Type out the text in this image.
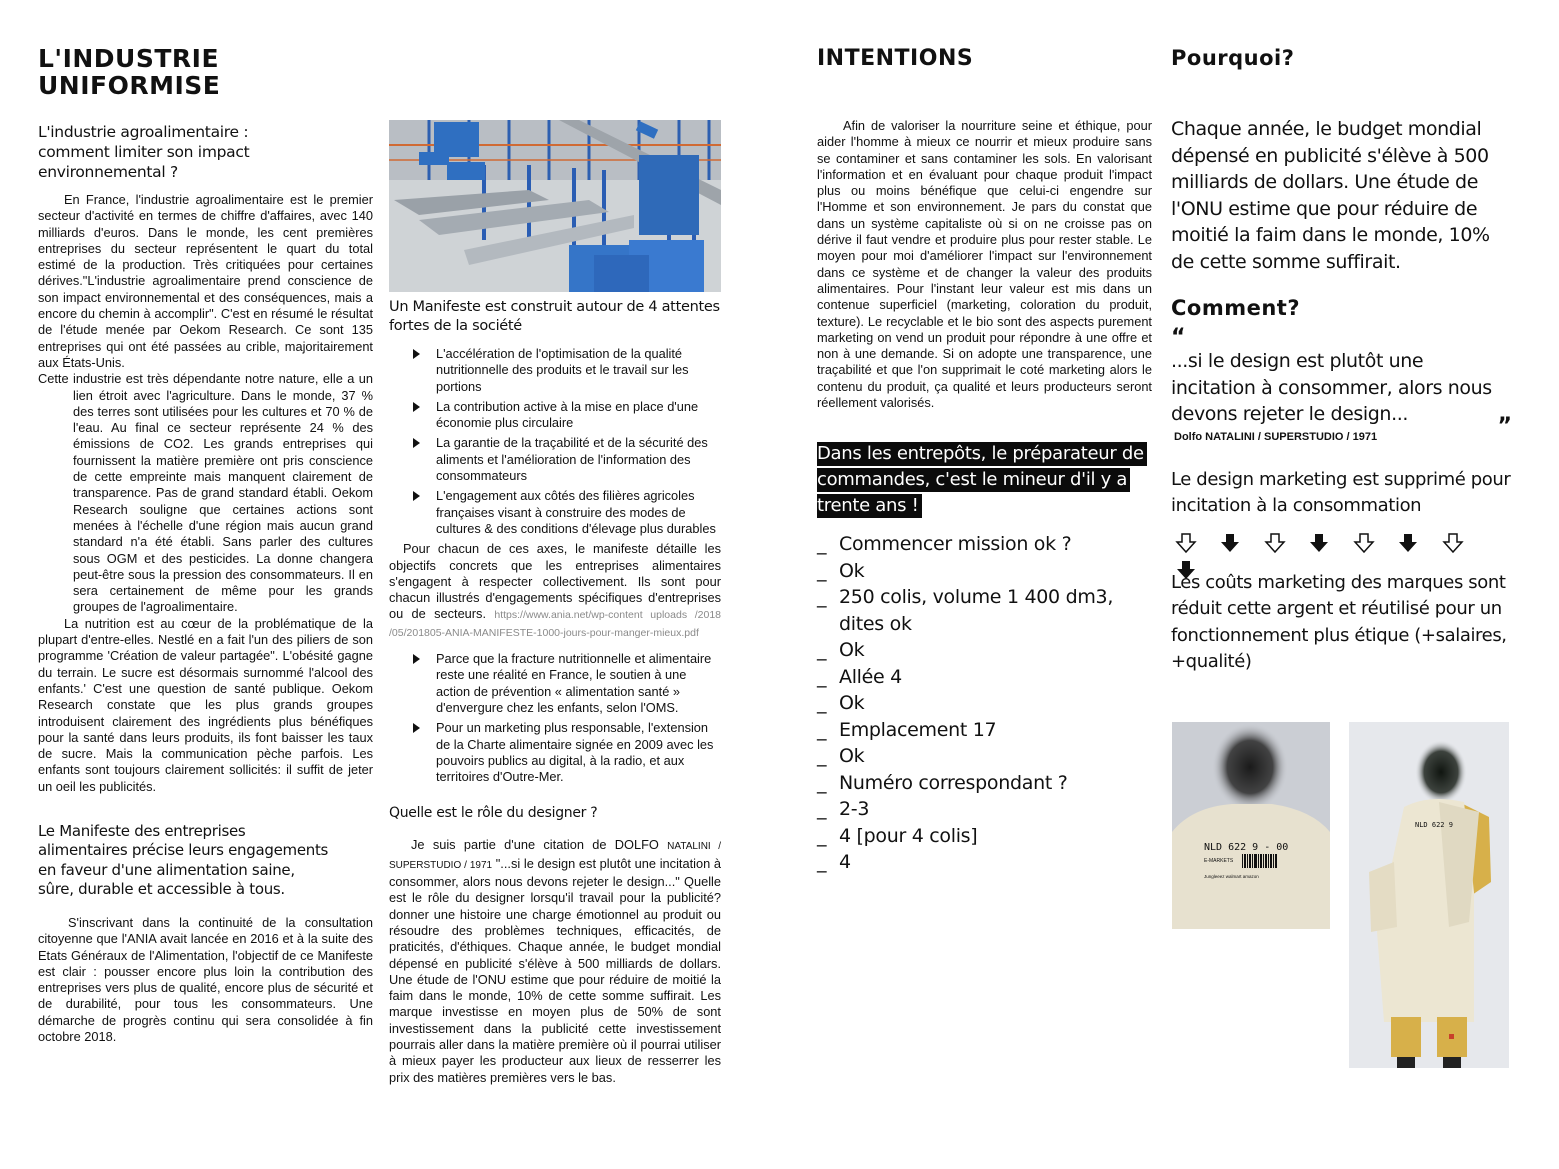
L'INDUSTRIE
UNIFORMISE
L'industrie agroalimentaire :
comment limiter son impact environnemental ?

En France, l'industrie agroalimentaire est le premier secteur d'activité en termes de chiffre d'affaires, avec 140 milliards d'euros. Dans le monde, les cent premières entreprises du secteur représentent le quart du total estimé de la production. Très critiquées pour certaines dérives."L'industrie agroalimentaire prend conscience de son impact environnemental et des conséquences, mais a encore du chemin à accomplir". C'est en résumé le résultat de l'étude menée par Oekom Research. Ce sont 135 entreprises qui ont été passées au crible, majoritairement aux États-Unis.

Cette industrie est très dépendante notre nature, elle a un lien étroit avec l'agriculture. Dans le monde, 37 % des terres sont utilisées pour les cultures et 70 % de l'eau. Au final ce secteur représente 24 % des émissions de CO2. Les grands entreprises qui fournissent la matière première ont pris conscience de cette empreinte mais manquent clairement de transparence. Pas de grand standard établi. Oekom Research souligne que certaines actions sont menées à l'échelle d'une région mais aucun grand standard n'a été établi. Sans parler des cultures sous OGM et des pesticides. La donne changera peut-être sous la pression des consommateurs. Il en sera certainement de même pour les grands groupes de l'agroalimentaire.

La nutrition est au cœur de la problématique de la plupart d'entre-elles. Nestlé en a fait l'un des piliers de son programme 'Création de valeur partagée". L'obésité gagne du terrain. Le sucre est désormais surnommé l'alcool des enfants.' C'est une question de santé publique. Oekom Research constate que les plus grands groupes introduisent clairement des ingrédients plus bénéfiques pour la santé dans leurs produits, ils font baisser les taux de sucre. Mais la communication pèche parfois. Les enfants sont toujours clairement sollicités: il suffit de jeter un oeil les publicités.

Le Manifeste des entreprises
alimentaires précise leurs engagements
en faveur d'une alimentation saine,
sûre, durable et accessible à tous.

S'inscrivant dans la continuité de la consultation citoyenne que l'ANIA avait lancée en 2016 et à la suite des Etats Généraux de l'Alimentation, l'objectif de ce Manifeste est clair : pousser encore plus loin la contribution des entreprises vers plus de qualité, encore plus de sécurité et de durabilité, pour tous les consommateurs. Une démarche de progrès continu qui sera consolidée à fin octobre 2018.

Un Manifeste est construit autour de 4 attentes
fortes de la société
L'accélération de l'optimisation de la qualité nutritionnelle des produits et le travail sur les portions
La contribution active à la mise en place d'une économie plus circulaire
La garantie de la traçabilité et de la sécurité des aliments et l'amélioration de l'information des consommateurs
L'engagement aux côtés des filières agricoles françaises visant à construire des modes de cultures & des conditions d'élevage plus durables

Pour chacun de ces axes, le manifeste détaille les objectifs concrets que les entreprises alimentaires s'engagent à respecter collectivement. Ils sont pour chacun illustrés d'engagements spécifiques d'entreprises ou de secteurs. https://www.ania.net/wp-content uploads /2018 /05/201805-ANIA-MANIFESTE-1000-jours-pour-manger-mieux.pdf

Parce que la fracture nutritionnelle et alimentaire reste une réalité en France, le soutien à une action de prévention « alimentation santé » d'envergure chez les enfants, selon l'OMS.
Pour un marketing plus responsable, l'extension de la Charte alimentaire signée en 2009 avec les pouvoirs publics au digital, à la radio, et aux territoires d'Outre-Mer.
Quelle est le rôle du designer ?

Je suis partie d'une citation de DOLFO NATALINI / SUPERSTUDIO / 1971 "...si le design est plutôt une incitation à consommer, alors nous devons rejeter le design..." Quelle est le rôle du designer lorsqu'il travail pour la publicité? donner une histoire une charge émotionnel au produit ou résoudre des problèmes techniques, efficacités, de praticités, d'éthiques. Chaque année, le budget mondial dépensé en publicité s'élève à 500 milliards de dollars. Une étude de l'ONU estime que pour réduire de moitié la faim dans le monde, 10% de cette somme suffirait. Les marque investisse en moyen plus de 50% de sont investissement dans la publicité cette investissement pourrais aller dans la matière première où il pourrai utiliser à mieux payer les producteur aux lieux de resserrer les prix des matières premières vers le bas.

INTENTIONS

Afin de valoriser la nourriture seine et éthique, pour aider l'homme à mieux ce nourrir et mieux produire sans se contaminer et sans contaminer les sols. En valorisant l'information et en évaluant pour chaque produit l'impact plus ou moins bénéfique que celui-ci engendre sur l'Homme et son environnement. Je pars du constat que dans un système capitaliste où si on ne croisse pas on dérive il faut vendre et produire plus pour rester stable. Le moyen pour moi d'améliorer l'impact sur l'environnement dans ce système et de changer la valeur des produits alimentaires. Pour l'instant leur valeur est mis dans un contenue superficiel (marketing, coloration du produit, texture). Le recyclable et le bio sont des aspects purement marketing on vend un produit pour répondre à une offre et non à une demande. Si on adopte une transparence, une traçabilité et que l'on supprimait le coté marketing alors le contenu du produit, ça qualité et leurs producteurs seront réellement valorisés.

Dans les entrepôts, le préparateur de commandes, c'est le mineur d'il y a trente ans !
_ Commencer mission ok ?
_ Ok
_ 250 colis, volume 1 400 dm3, dites ok
_ Ok
_ Allée 4
_ Ok
_ Emplacement 17
_ Ok
_ Numéro correspondant ?
_ 2-3
_ 4 [pour 4 colis]
_ 4
Pourquoi?

Chaque année, le budget mondial dépensé en publicité s'élève à 500 milliards de dollars. Une étude de l'ONU estime que pour réduire de moitié la faim dans le monde, 10% de cette somme suffirait.

Comment?
“

...si le design est plutôt une incitation à consommer, alors nous devons rejeter le design...	”
Dolfo NATALINI / SUPERSTUDIO / 1971

Le design marketing est supprimé pour incitation à la consommation

Les coûts marketing des marques sont réduit cette argent et réutilisé pour un fonctionnement plus étique (+salaires, +qualité)

NLD 622 9 - 00
E-MARKETS
Jungleeez walmart amazon
NLD 622 9
